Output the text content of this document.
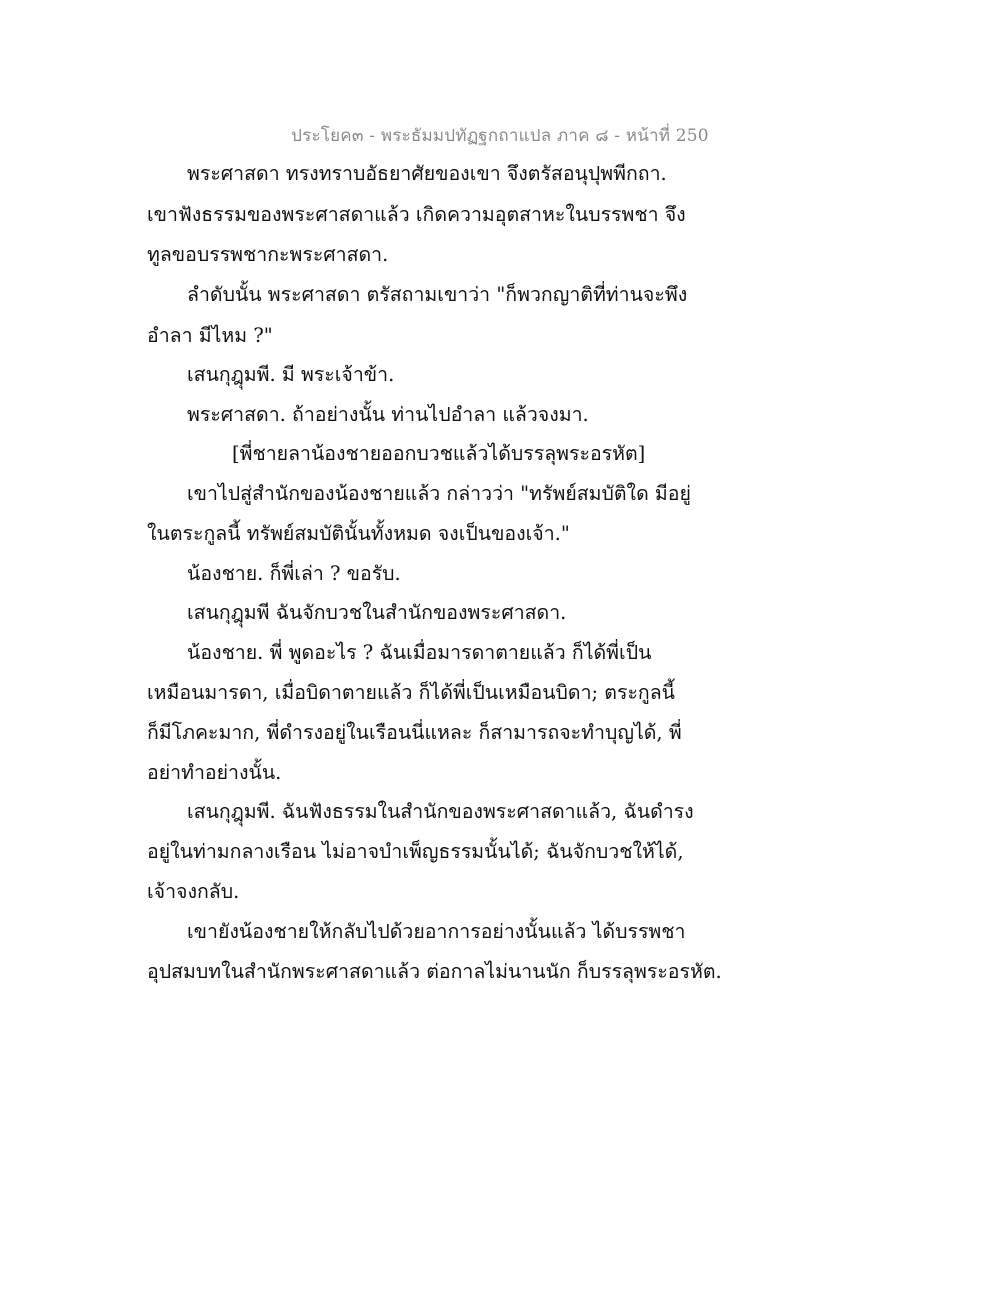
ประโยค๓ - พระธัมมปทัฏฐกถาแปล ภาค ๘ - หน้าที่ 250
พระศาสดา ทรงทราบอัธยาศัยของเขา จึงตรัสอนุปุพพีกถา.
เขาฟังธรรมของพระศาสดาแล้ว เกิดความอุตสาหะในบรรพชา จึง
ทูลขอบรรพชากะพระศาสดา.
ลำดับนั้น พระศาสดา ตรัสถามเขาว่า "ก็พวกญาติที่ท่านจะพึง
อำลา มีไหม ?"
เสนกุฎุมพี. มี พระเจ้าข้า.
พระศาสดา. ถ้าอย่างนั้น ท่านไปอำลา แล้วจงมา.
[พี่ชายลาน้องชายออกบวชแล้วได้บรรลุพระอรหัต]
เขาไปสู่สำนักของน้องชายแล้ว กล่าวว่า "ทรัพย์สมบัติใด มีอยู่
ในตระกูลนี้ ทรัพย์สมบัตินั้นทั้งหมด จงเป็นของเจ้า."
น้องชาย. ก็พี่เล่า ? ขอรับ.
เสนกุฎุมพี ฉันจักบวชในสำนักของพระศาสดา.
น้องชาย. พี่ พูดอะไร ? ฉันเมื่อมารดาตายแล้ว ก็ได้พี่เป็น
เหมือนมารดา, เมื่อบิดาตายแล้ว ก็ได้พี่เป็นเหมือนบิดา; ตระกูลนี้
ก็มีโภคะมาก, พี่ดำรงอยู่ในเรือนนี่แหละ ก็สามารถจะทำบุญได้, พี่
อย่าทำอย่างนั้น.
เสนกุฎุมพี. ฉันฟังธรรมในสำนักของพระศาสดาแล้ว, ฉันดำรง
อยู่ในท่ามกลางเรือน ไม่อาจบำเพ็ญธรรมนั้นได้; ฉันจักบวชให้ได้,
เจ้าจงกลับ.
เขายังน้องชายให้กลับไปด้วยอาการอย่างนั้นแล้ว ได้บรรพชา
อุปสมบทในสำนักพระศาสดาแล้ว ต่อกาลไม่นานนัก ก็บรรลุพระอรหัต.
